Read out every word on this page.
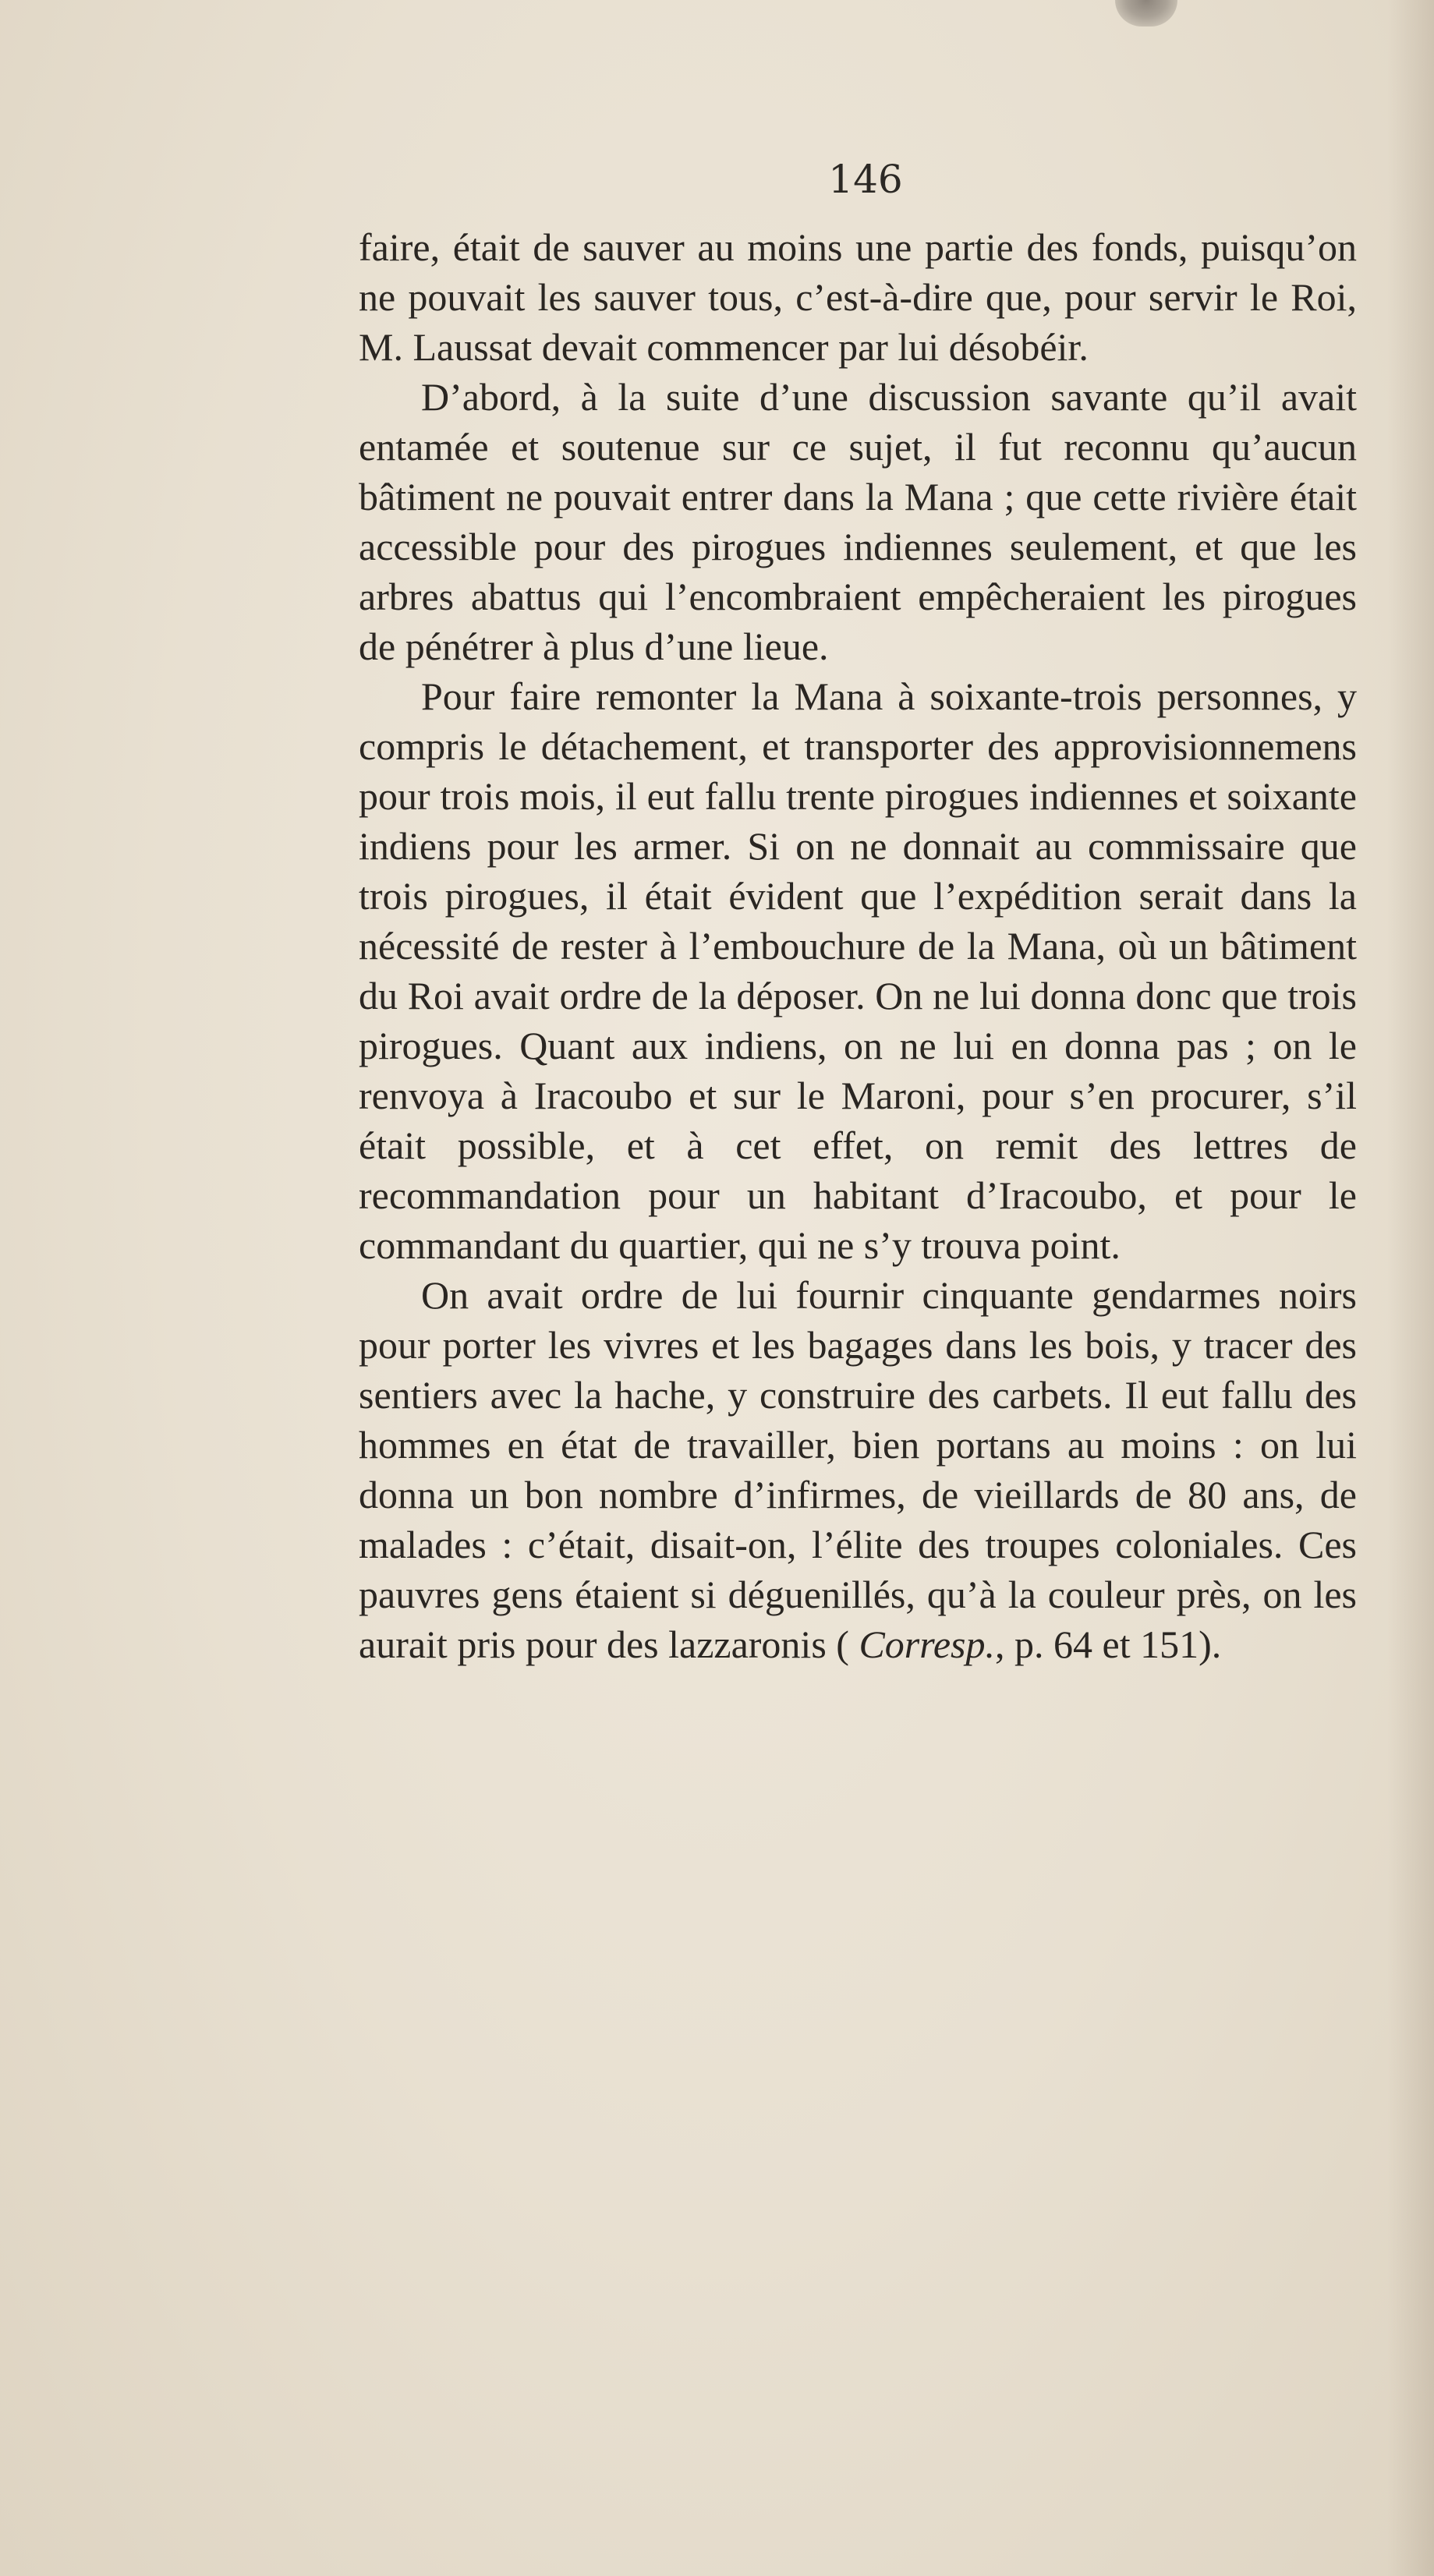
146

faire, était de sauver au moins une partie des fonds, puisqu’on ne pouvait les sauver tous, c’est-à-dire que, pour servir le Roi, M. Laussat devait commencer par lui désobéir.

D’abord, à la suite d’une discussion savante qu’il avait entamée et soutenue sur ce sujet, il fut reconnu qu’aucun bâtiment ne pouvait entrer dans la Mana ; que cette rivière était accessible pour des pirogues indiennes seulement, et que les arbres abattus qui l’encombraient empêcheraient les pirogues de pénétrer à plus d’une lieue.

Pour faire remonter la Mana à soixante-trois personnes, y compris le détachement, et transporter des approvisionnemens pour trois mois, il eut fallu trente pirogues indiennes et soixante indiens pour les armer. Si on ne donnait au commissaire que trois pirogues, il était évident que l’expédition serait dans la nécessité de rester à l’embouchure de la Mana, où un bâtiment du Roi avait ordre de la déposer. On ne lui donna donc que trois pirogues. Quant aux indiens, on ne lui en donna pas ; on le renvoya à Iracoubo et sur le Maroni, pour s’en procurer, s’il était possible, et à cet effet, on remit des lettres de recommandation pour un habitant d’Iracoubo, et pour le commandant du quartier, qui ne s’y trouva point.

On avait ordre de lui fournir cinquante gendarmes noirs pour porter les vivres et les bagages dans les bois, y tracer des sentiers avec la hache, y construire des carbets. Il eut fallu des hommes en état de travailler, bien portans au moins : on lui donna un bon nombre d’infirmes, de vieillards de 80 ans, de malades : c’était, disait-on, l’élite des troupes coloniales. Ces pauvres gens étaient si déguenillés, qu’à la couleur près, on les aurait pris pour des lazzaronis ( Corresp., p. 64 et 151).
